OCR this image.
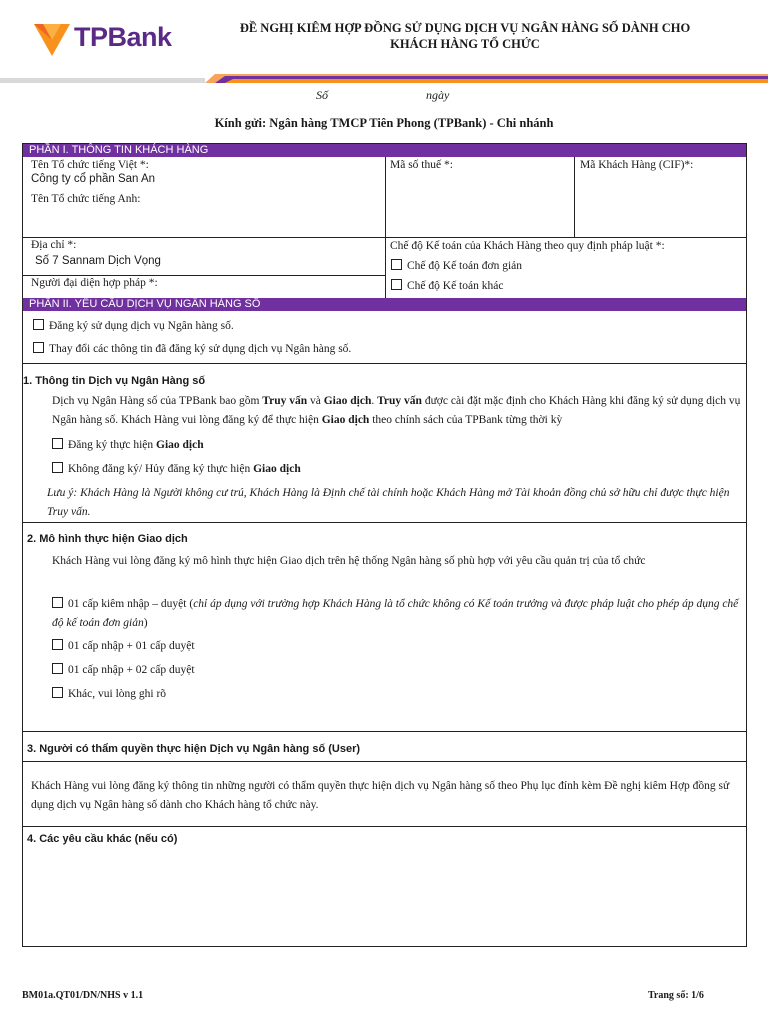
TPBank	ĐỀ NGHỊ KIÊM HỢP ĐỒNG SỬ DỤNG DỊCH VỤ NGÂN HÀNG SỐ DÀNH CHO
KHÁCH HÀNG TỔ CHỨC
Số	ngày
Kính gửi: Ngân hàng TMCP Tiên Phong (TPBank) - Chi nhánh
PHẦN I. THÔNG TIN KHÁCH HÀNG
Tên Tổ chức tiếng Việt *:
Công ty cổ phần San An
Tên Tổ chức tiếng Anh:
Mã số thuế *:	Mã Khách Hàng (CIF)*:
Địa chỉ *:
Số 7 Sannam Dịch Vọng
Người đại diện hợp pháp *:
Chế độ Kế toán của Khách Hàng theo quy định pháp luật *:
Chế độ Kế toán đơn giản
Chế độ Kế toán khác
PHẦN II. YÊU CẦU DỊCH VỤ NGÂN HÀNG SỐ
Đăng ký sử dụng dịch vụ Ngân hàng số.
Thay đổi các thông tin đã đăng ký sử dụng dịch vụ Ngân hàng số.
1. Thông tin Dịch vụ Ngân Hàng số
Dịch vụ Ngân Hàng số của TPBank bao gồm Truy vấn và Giao dịch. Truy vấn được cài đặt mặc định cho Khách Hàng khi đăng ký sử dụng dịch vụ Ngân hàng số. Khách Hàng vui lòng đăng ký để thực hiện Giao dịch theo chính sách của TPBank từng thời kỳ
Đăng ký thực hiện Giao dịch
Không đăng ký/ Hủy đăng ký thực hiện Giao dịch
Lưu ý: Khách Hàng là Người không cư trú, Khách Hàng là Định chế tài chính hoặc Khách Hàng mở Tài khoản đồng chủ sở hữu chỉ được thực hiện Truy vấn.
2. Mô hình thực hiện Giao dịch
Khách Hàng vui lòng đăng ký mô hình thực hiện Giao dịch trên hệ thống Ngân hàng số phù hợp với yêu cầu quản trị của tổ chức
01 cấp kiêm nhập – duyệt (chỉ áp dụng với trường hợp Khách Hàng là tổ chức không có Kế toán trưởng và được pháp luật cho phép áp dụng chế độ kế toán đơn giản)
01 cấp nhập + 01 cấp duyệt
01 cấp nhập + 02 cấp duyệt
Khác, vui lòng ghi rõ
3. Người có thẩm quyền thực hiện Dịch vụ Ngân hàng số (User)
Khách Hàng vui lòng đăng ký thông tin những người có thẩm quyền thực hiện dịch vụ Ngân hàng số theo Phụ lục đính kèm Đề nghị kiêm Hợp đồng sử dụng dịch vụ Ngân hàng số dành cho Khách hàng tổ chức này.
4. Các yêu cầu khác (nếu có)
BM01a.QT01/DN/NHS v 1.1	Trang số: 1/6
